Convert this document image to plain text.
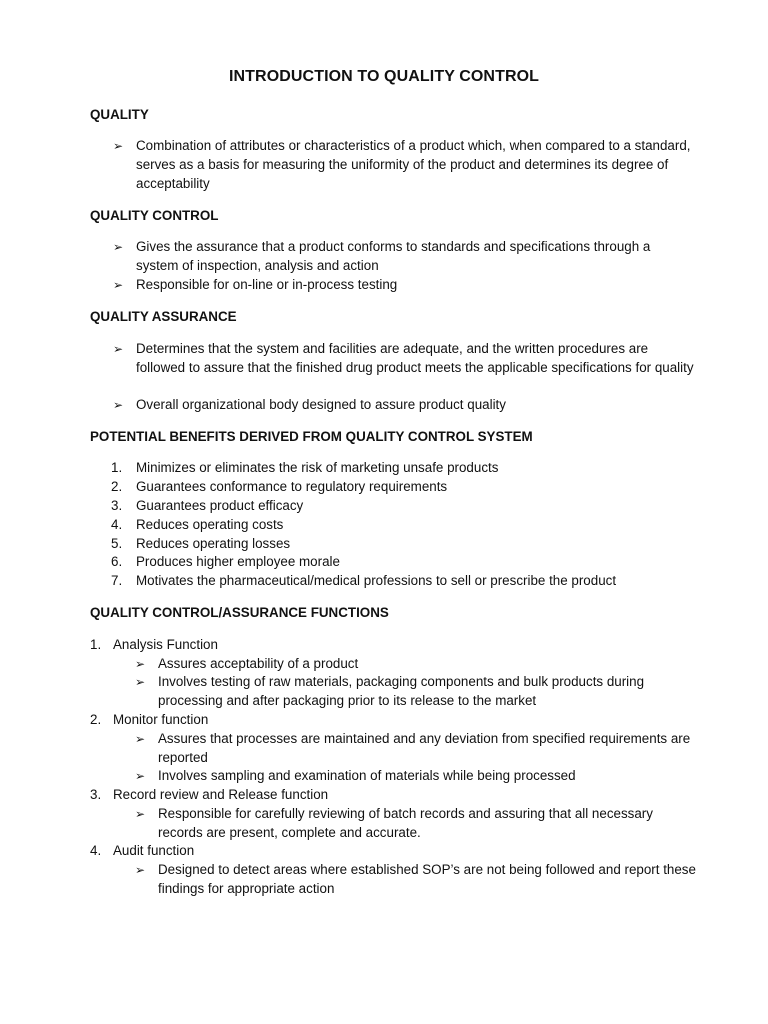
INTRODUCTION TO QUALITY CONTROL
QUALITY
➢ Combination of attributes or characteristics of a product which, when compared to a standard, serves as a basis for measuring the uniformity of the product and determines its degree of acceptability
QUALITY CONTROL
➢ Gives the assurance that a product conforms to standards and specifications through a system of inspection, analysis and action
➢ Responsible for on-line or in-process testing
QUALITY ASSURANCE
➢ Determines that the system and facilities are adequate, and the written procedures are followed to assure that the finished drug product meets the applicable specifications for quality
➢ Overall organizational body designed to assure product quality
POTENTIAL BENEFITS DERIVED FROM QUALITY CONTROL SYSTEM
1. Minimizes or eliminates the risk of marketing unsafe products
2. Guarantees conformance to regulatory requirements
3. Guarantees product efficacy
4. Reduces operating costs
5. Reduces operating losses
6. Produces higher employee morale
7. Motivates the pharmaceutical/medical professions to sell or prescribe the product
QUALITY CONTROL/ASSURANCE FUNCTIONS
1. Analysis Function
➢ Assures acceptability of a product
➢ Involves testing of raw materials, packaging components and bulk products during processing and after packaging prior to its release to the market
2. Monitor function
➢ Assures that processes are maintained and any deviation from specified requirements are reported
➢ Involves sampling and examination of materials while being processed
3. Record review and Release function
➢ Responsible for carefully reviewing of batch records and assuring that all necessary records are present, complete and accurate.
4. Audit function
➢ Designed to detect areas where established SOP’s are not being followed and report these findings for appropriate action
